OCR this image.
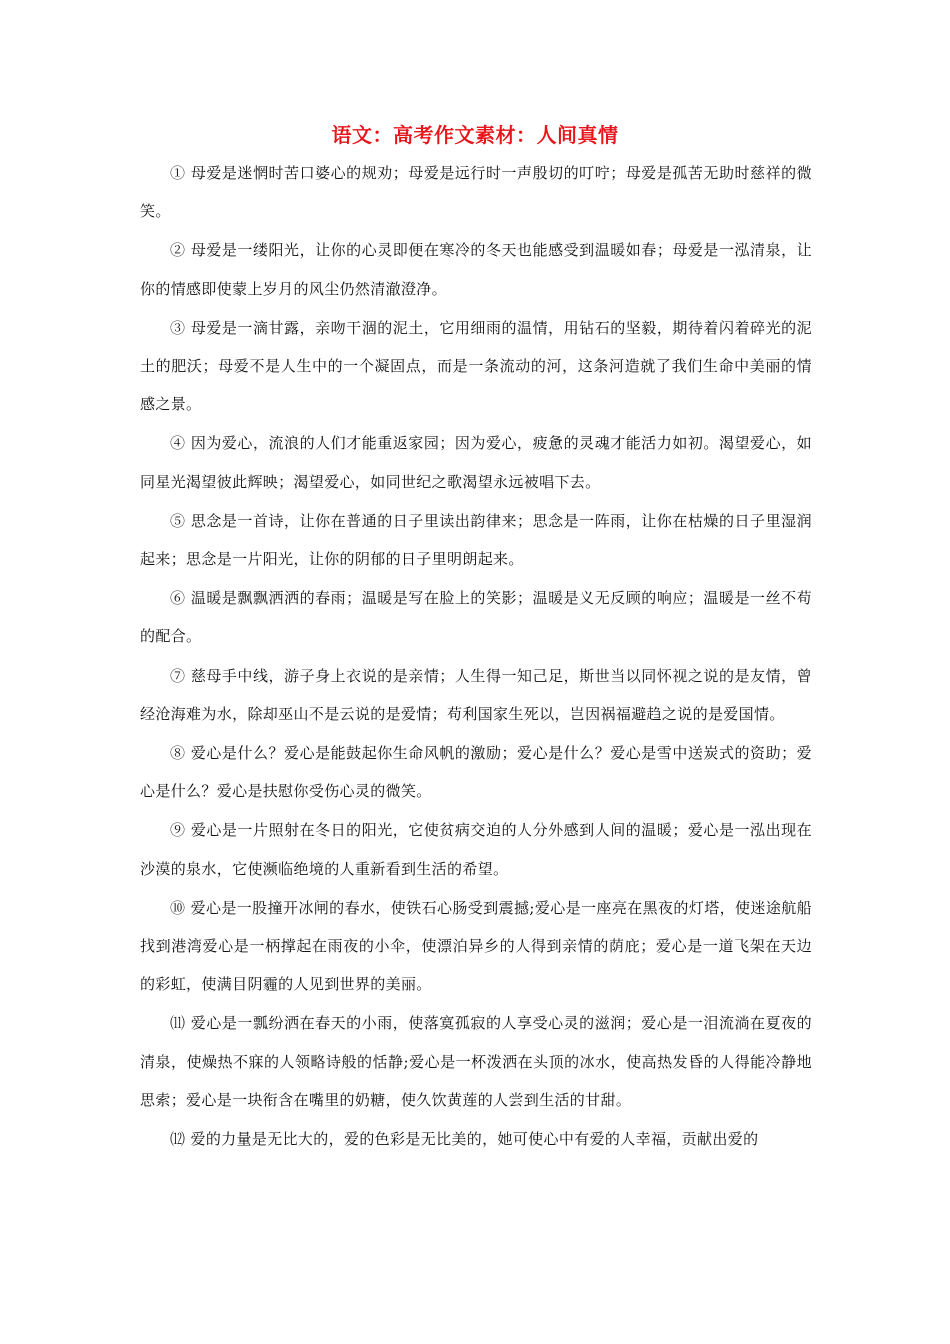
语文：高考作文素材：人间真情

① 母爱是迷惘时苦口婆心的规劝；母爱是远行时一声殷切的叮咛；母爱是孤苦无助时慈祥的微笑。

② 母爱是一缕阳光，让你的心灵即便在寒冷的冬天也能感受到温暖如春；母爱是一泓清泉，让你的情感即使蒙上岁月的风尘仍然清澈澄净。

③ 母爱是一滴甘露，亲吻干涸的泥土，它用细雨的温情，用钻石的坚毅，期待着闪着碎光的泥土的肥沃；母爱不是人生中的一个凝固点，而是一条流动的河，这条河造就了我们生命中美丽的情感之景。

④ 因为爱心，流浪的人们才能重返家园；因为爱心，疲惫的灵魂才能活力如初。渴望爱心，如同星光渴望彼此辉映；渴望爱心，如同世纪之歌渴望永远被唱下去。

⑤ 思念是一首诗，让你在普通的日子里读出韵律来；思念是一阵雨，让你在枯燥的日子里湿润起来；思念是一片阳光，让你的阴郁的日子里明朗起来。

⑥ 温暖是飘飘洒洒的春雨；温暖是写在脸上的笑影；温暖是义无反顾的响应；温暖是一丝不苟的配合。

⑦ 慈母手中线，游子身上衣说的是亲情；人生得一知己足，斯世当以同怀视之说的是友情，曾经沧海难为水，除却巫山不是云说的是爱情；苟利国家生死以，岂因祸福避趋之说的是爱国情。

⑧ 爱心是什么？爱心是能鼓起你生命风帆的激励；爱心是什么？爱心是雪中送炭式的资助；爱心是什么？爱心是扶慰你受伤心灵的微笑。

⑨ 爱心是一片照射在冬日的阳光，它使贫病交迫的人分外感到人间的温暖；爱心是一泓出现在沙漠的泉水，它使濒临绝境的人重新看到生活的希望。

⑩ 爱心是一股撞开冰闸的春水，使铁石心肠受到震撼;爱心是一座亮在黑夜的灯塔，使迷途航船找到港湾爱心是一柄撑起在雨夜的小伞，使漂泊异乡的人得到亲情的荫庇；爱心是一道飞架在天边的彩虹，使满目阴霾的人见到世界的美丽。

⑾ 爱心是一瓢纷洒在春天的小雨，使落寞孤寂的人享受心灵的滋润；爱心是一泪流淌在夏夜的清泉，使燥热不寐的人领略诗般的恬静;爱心是一杯泼洒在头顶的冰水，使高热发昏的人得能冷静地思索；爱心是一块衔含在嘴里的奶糖，使久饮黄莲的人尝到生活的甘甜。

⑿ 爱的力量是无比大的，爱的色彩是无比美的，她可使心中有爱的人幸福，贡献出爱的
